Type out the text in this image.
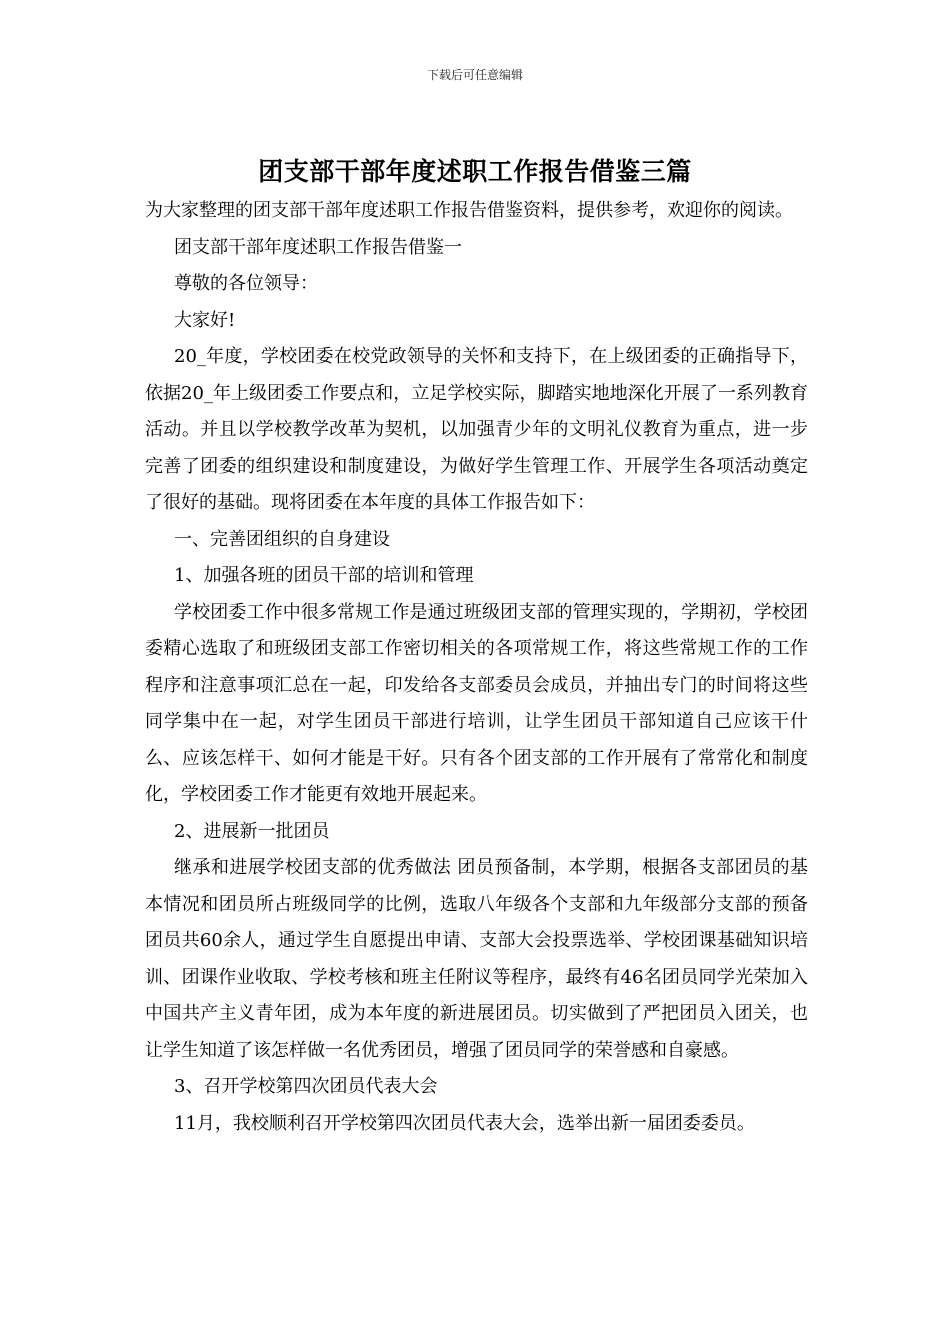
下载后可任意编辑
团支部干部年度述职工作报告借鉴三篇

为大家整理的团支部干部年度述职工作报告借鉴资料，提供参考，欢迎你的阅读。

团支部干部年度述职工作报告借鉴一

尊敬的各位领导：

大家好!

20_年度，学校团委在校党政领导的关怀和支持下，在上级团委的正确指导下，依据20_年上级团委工作要点和，立足学校实际，脚踏实地地深化开展了一系列教育活动。并且以学校教学改革为契机，以加强青少年的文明礼仪教育为重点，进一步完善了团委的组织建设和制度建设，为做好学生管理工作、开展学生各项活动奠定了很好的基础。现将团委在本年度的具体工作报告如下：

一、完善团组织的自身建设

1、加强各班的团员干部的培训和管理

学校团委工作中很多常规工作是通过班级团支部的管理实现的，学期初，学校团委精心选取了和班级团支部工作密切相关的各项常规工作，将这些常规工作的工作程序和注意事项汇总在一起，印发给各支部委员会成员，并抽出专门的时间将这些同学集中在一起，对学生团员干部进行培训，让学生团员干部知道自己应该干什么、应该怎样干、如何才能是干好。只有各个团支部的工作开展有了常常化和制度化，学校团委工作才能更有效地开展起来。

2、进展新一批团员

继承和进展学校团支部的优秀做法 团员预备制，本学期，根据各支部团员的基本情况和团员所占班级同学的比例，选取八年级各个支部和九年级部分支部的预备团员共60余人，通过学生自愿提出申请、支部大会投票选举、学校团课基础知识培训、团课作业收取、学校考核和班主任附议等程序，最终有46名团员同学光荣加入中国共产主义青年团，成为本年度的新进展团员。切实做到了严把团员入团关，也让学生知道了该怎样做一名优秀团员，增强了团员同学的荣誉感和自豪感。

3、召开学校第四次团员代表大会

11月，我校顺利召开学校第四次团员代表大会，选举出新一届团委委员。
